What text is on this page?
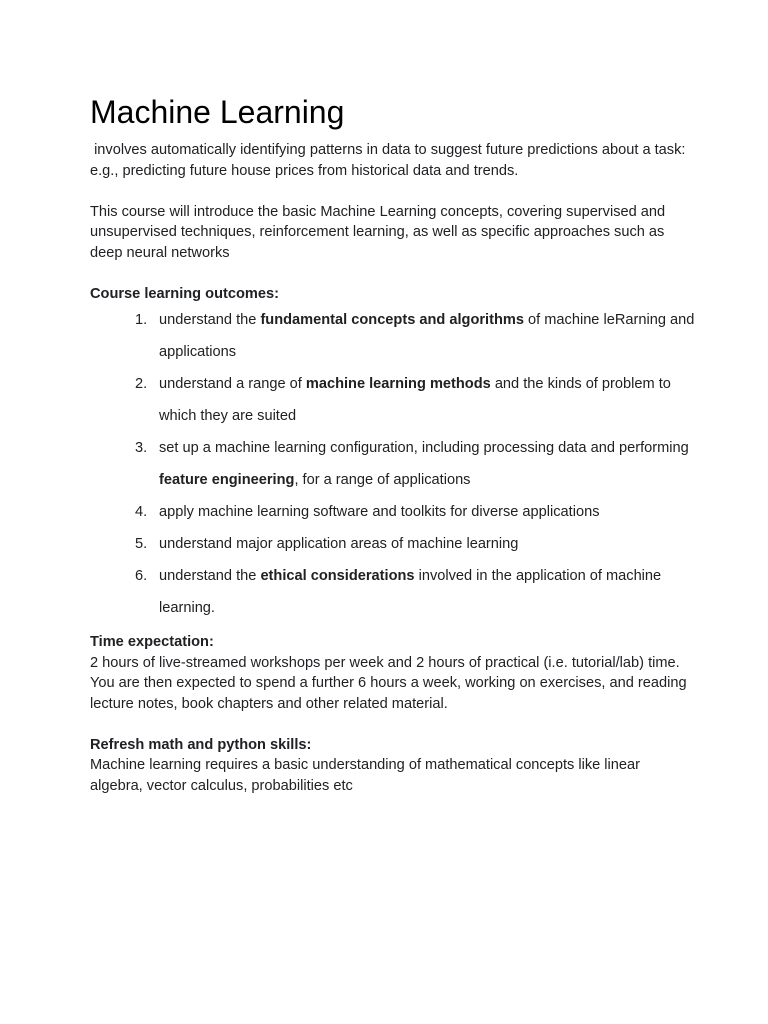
Machine Learning

involves automatically identifying patterns in data to suggest future predictions about a task: e.g., predicting future house prices from historical data and trends.

This course will introduce the basic Machine Learning concepts, covering supervised and unsupervised techniques, reinforcement learning, as well as specific approaches such as deep neural networks

Course learning outcomes:

1. understand the fundamental concepts and algorithms of machine leRarning and applications
2. understand a range of machine learning methods and the kinds of problem to which they are suited
3. set up a machine learning configuration, including processing data and performing feature engineering, for a range of applications
4. apply machine learning software and toolkits for diverse applications
5. understand major application areas of machine learning
6. understand the ethical considerations involved in the application of machine learning.

Time expectation:

2 hours of live-streamed workshops per week and 2 hours of practical (i.e. tutorial/lab) time. You are then expected to spend a further 6 hours a week, working on exercises, and reading lecture notes, book chapters and other related material.

Refresh math and python skills:

Machine learning requires a basic understanding of mathematical concepts like linear algebra, vector calculus, probabilities etc
